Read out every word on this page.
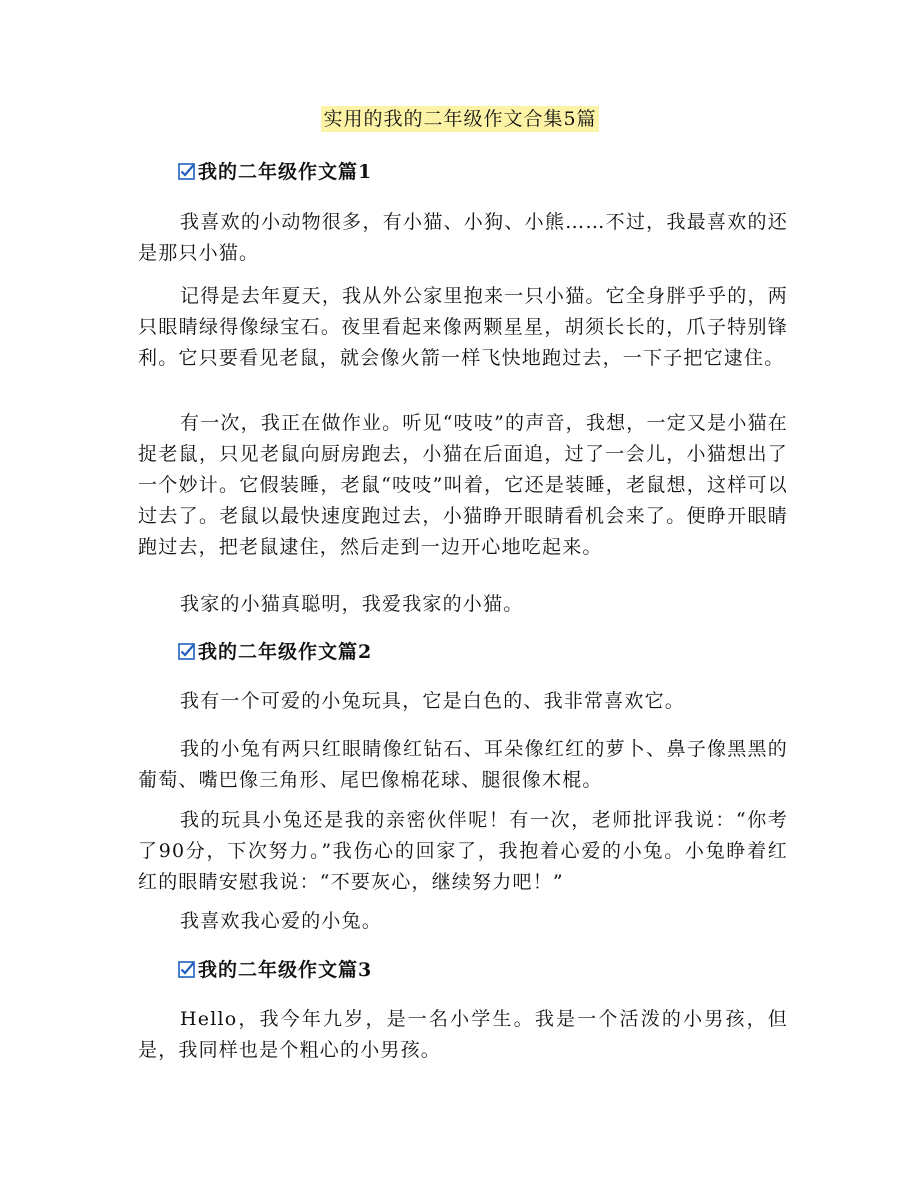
实用的我的二年级作文合集5篇
我的二年级作文篇1

我喜欢的小动物很多，有小猫、小狗、小熊……不过，我最喜欢的还是那只小猫。

记得是去年夏天，我从外公家里抱来一只小猫。它全身胖乎乎的，两只眼睛绿得像绿宝石。夜里看起来像两颗星星，胡须长长的，爪子特别锋利。它只要看见老鼠，就会像火箭一样飞快地跑过去，一下子把它逮住。

有一次，我正在做作业。听见“吱吱”的声音，我想，一定又是小猫在捉老鼠，只见老鼠向厨房跑去，小猫在后面追，过了一会儿，小猫想出了一个妙计。它假装睡，老鼠“吱吱”叫着，它还是装睡，老鼠想，这样可以过去了。老鼠以最快速度跑过去，小猫睁开眼睛看机会来了。便睁开眼睛跑过去，把老鼠逮住，然后走到一边开心地吃起来。

我家的小猫真聪明，我爱我家的小猫。

我的二年级作文篇2

我有一个可爱的小兔玩具，它是白色的、我非常喜欢它。

我的小兔有两只红眼睛像红钻石、耳朵像红红的萝卜、鼻子像黑黑的葡萄、嘴巴像三角形、尾巴像棉花球、腿很像木棍。

我的玩具小兔还是我的亲密伙伴呢！有一次，老师批评我说：“你考了90分，下次努力。”我伤心的回家了，我抱着心爱的小兔。小兔睁着红红的眼睛安慰我说：“不要灰心，继续努力吧！”

我喜欢我心爱的小兔。

我的二年级作文篇3

Hello，我今年九岁，是一名小学生。我是一个活泼的小男孩，但是，我同样也是个粗心的小男孩。
